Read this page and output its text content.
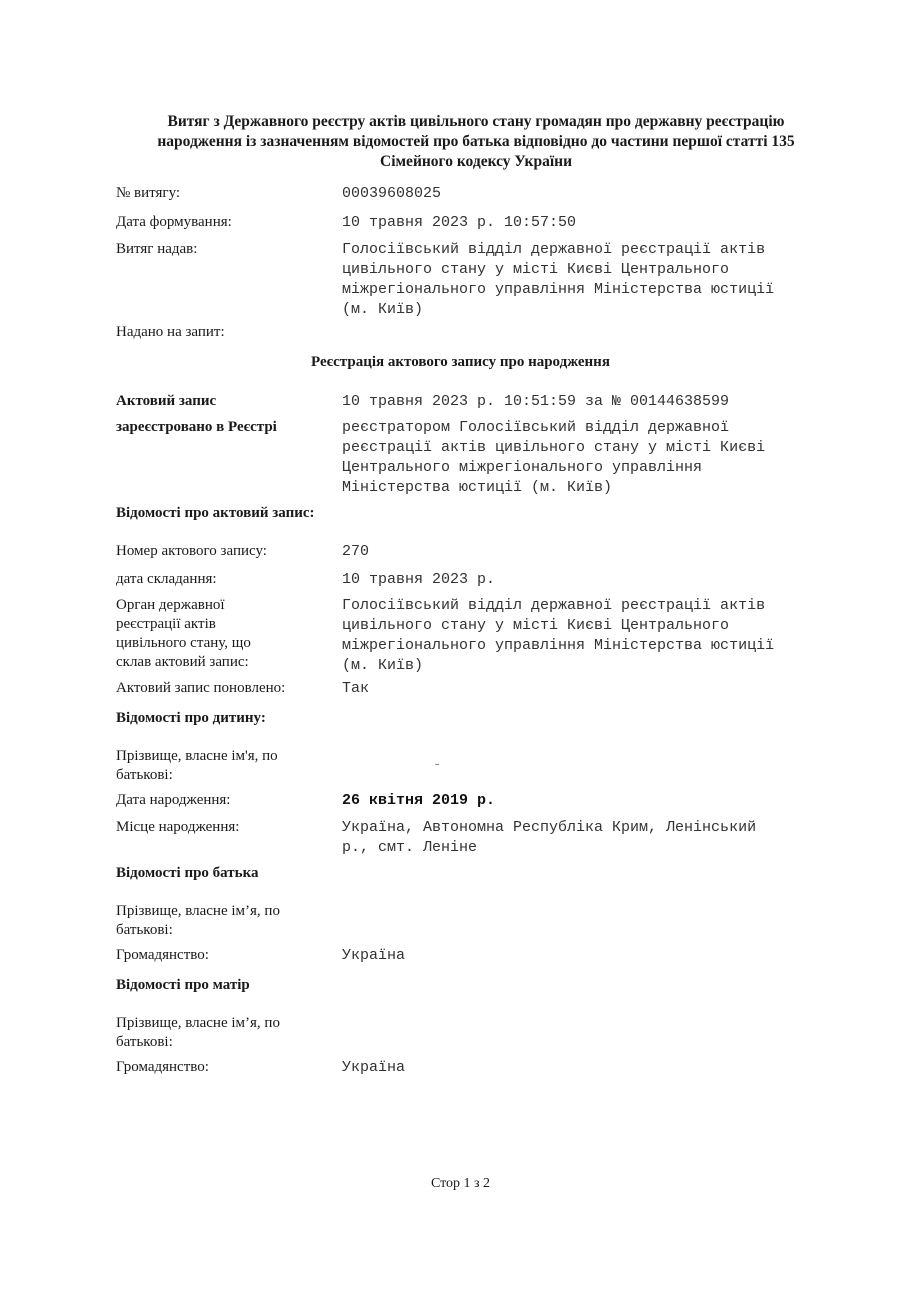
Витяг з Державного реєстру актів цивільного стану громадян про державну реєстрацію
народження із зазначенням відомостей про батька відповідно до частини першої статті 135
Сімейного кодексу України
№ витягу:	00039608025
Дата формування:	10 травня 2023 р. 10:57:50
Витяг надав:	Голосіївський відділ державної реєстрації актів
цивільного стану у місті Києві Центрального
міжрегіонального управління Міністерства юстиції
(м. Київ)
Надано на запит:
Реєстрація актового запису про народження
Актовий запис	10 травня 2023 р. 10:51:59 за № 00144638599
зареєстровано в Реєстрі	реєстратором Голосіївський відділ державної
реєстрації актів цивільного стану у місті Києві
Центрального міжрегіонального управління
Міністерства юстиції (м. Київ)
Відомості про актовий запис:
Номер актового запису:	270
дата складання:	10 травня 2023 р.
Орган державної
реєстрації актів
цивільного стану, що
склав актовий запис:
Голосіївський відділ державної реєстрації актів
цивільного стану у місті Києві Центрального
міжрегіонального управління Міністерства юстиції
(м. Київ)
Актовий запис поновлено:	Так
Відомості про дитину:
Прізвище, власне ім'я, по
батькові:
-
Дата народження:	26 квітня 2019 р.
Місце народження:	Україна, Автономна Республіка Крим, Ленінський
р., смт. Леніне
Відомості про батька
Прізвище, власне ім’я, по
батькові:
Громадянство:	Україна
Відомості про матір
Прізвище, власне ім’я, по
батькові:
Громадянство:	Україна
Стор 1 з 2
